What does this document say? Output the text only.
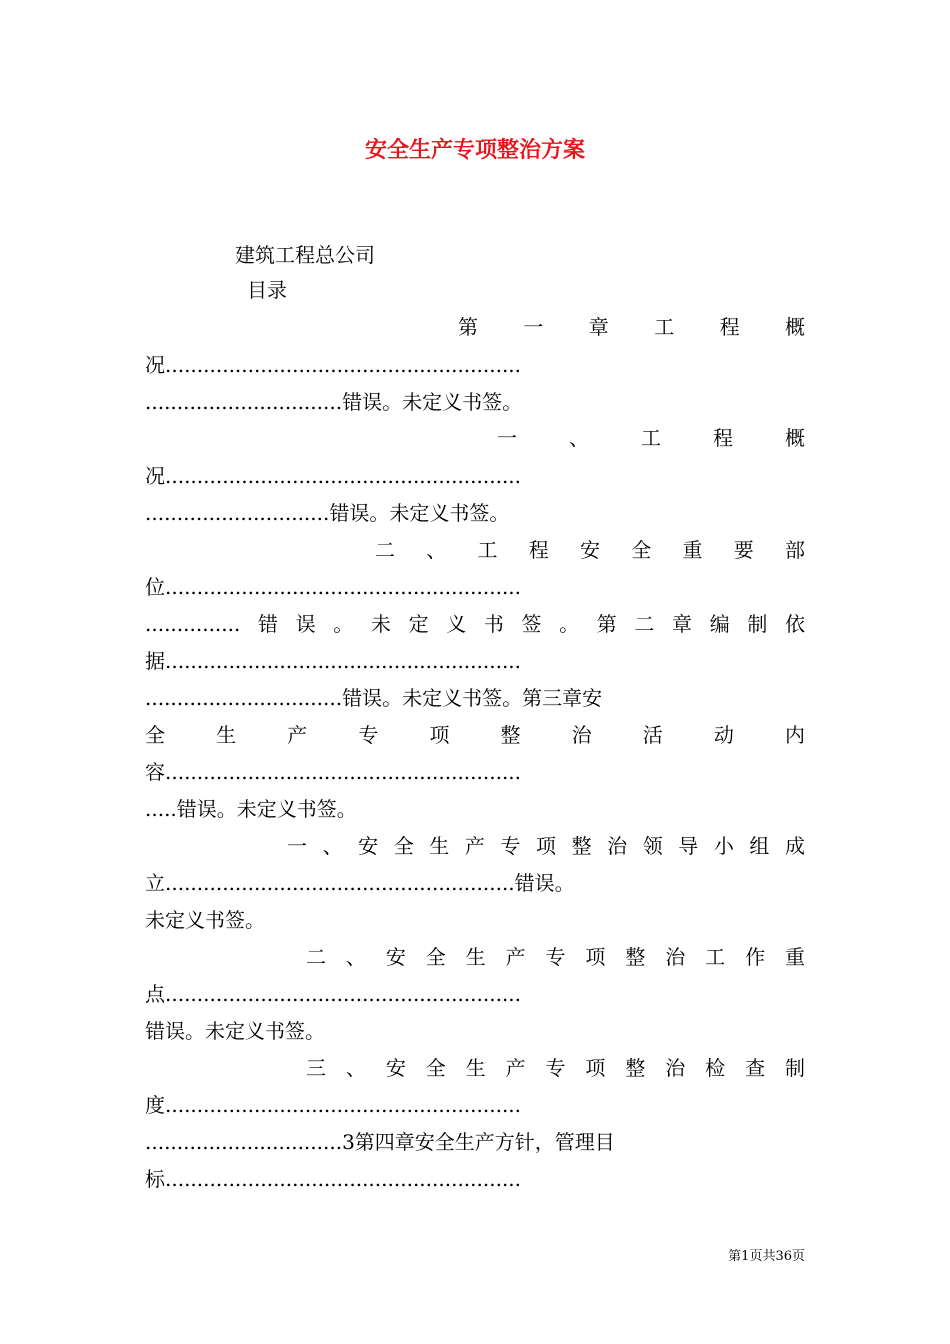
安全生产专项整治方案
建筑工程总公司
目录
第一章工程概
况........................................................
...............................错误。未定义书签。
一、工程概
况........................................................
.............................错误。未定义书签。
二、工程安全重要部
位........................................................
...............错误。未定义书签。第二章编制依
据........................................................
...............................错误。未定义书签。第三章安
全生产专项整治活动内
容........................................................
.....错误。未定义书签。
一、安全生产专项整治领导小组成
立.......................................................错误。
未定义书签。
二、安全生产专项整治工作重
点........................................................
错误。未定义书签。
三、安全生产专项整治检查制
度........................................................
...............................3第四章安全生产方针，管理目
标........................................................
第1页共36页
